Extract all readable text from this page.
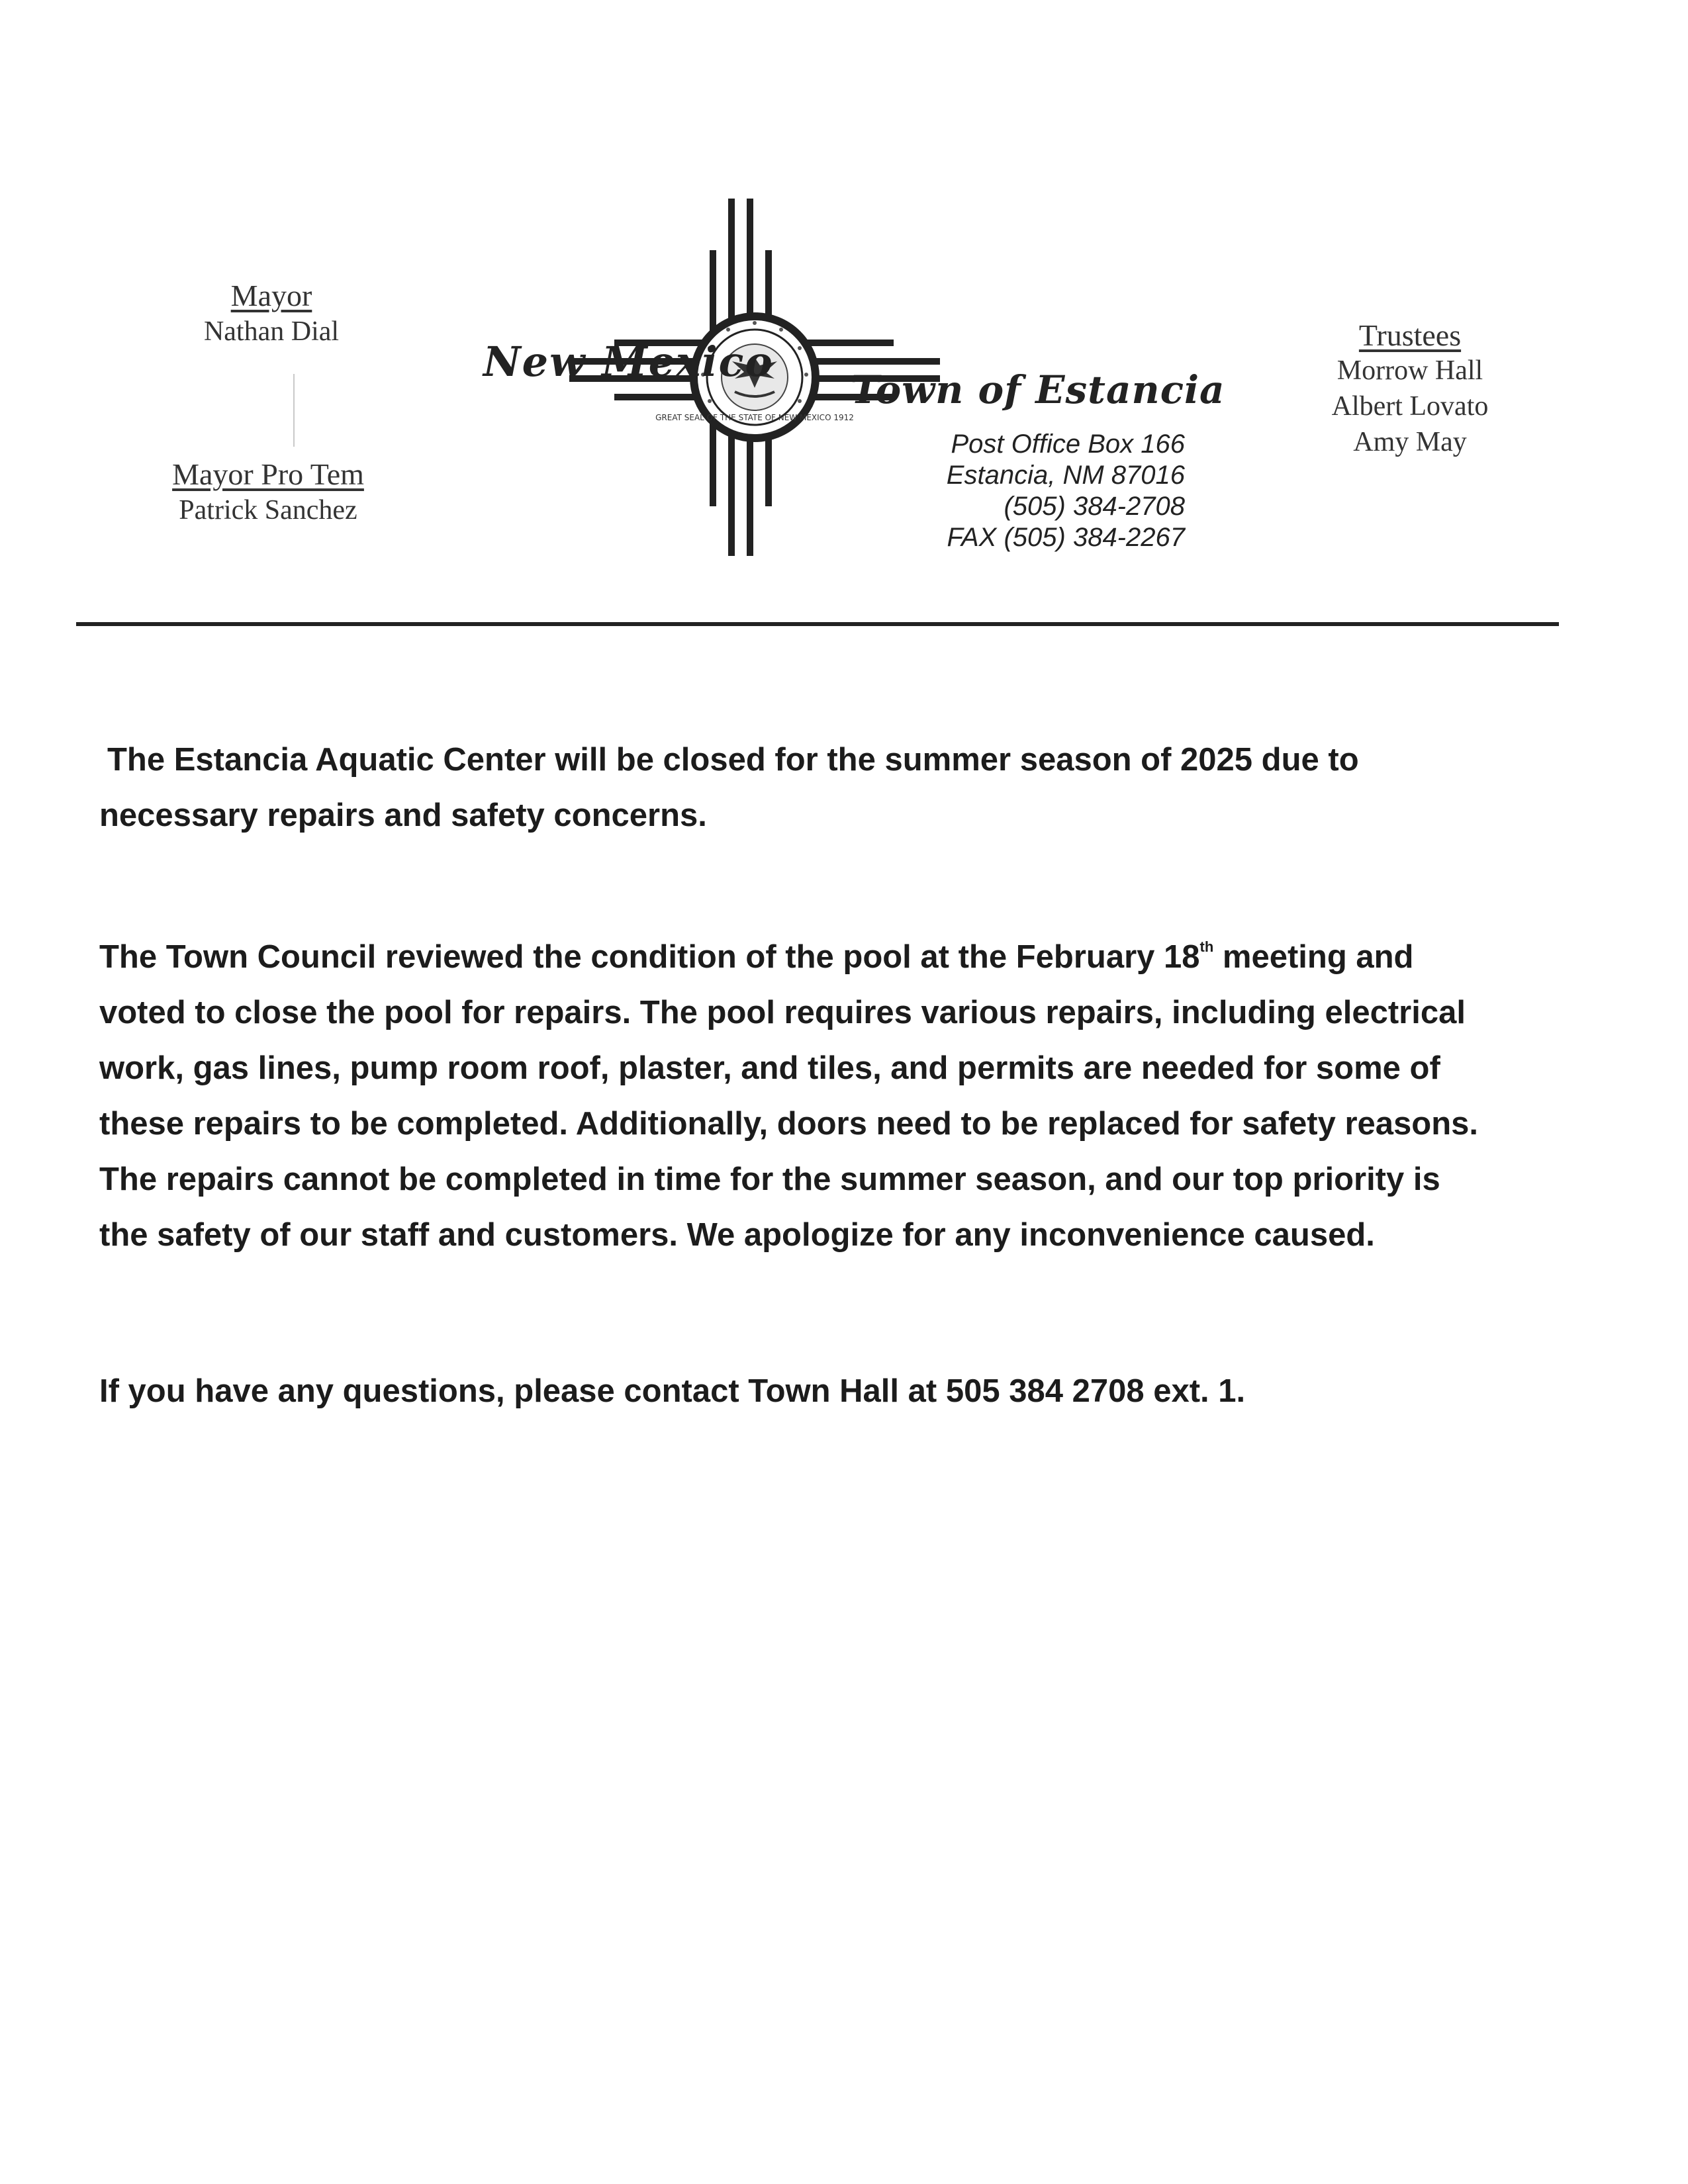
Mayor
Nathan Dial
Mayor Pro Tem
Patrick Sanchez
Trustees
Morrow Hall
Albert Lovato
Amy May
GREAT SEAL OF THE STATE OF NEW MEXICO 1912
New Mexico
Town of Estancia
Post Office Box 166
Estancia, NM 87016
(505) 384-2708
FAX (505) 384-2267
The Estancia Aquatic Center will be closed for the summer season of 2025 due to
necessary repairs and safety concerns.
The Town Council reviewed the condition of the pool at the February 18th meeting and
voted to close the pool for repairs. The pool requires various repairs, including electrical
work, gas lines, pump room roof, plaster, and tiles, and permits are needed for some of
these repairs to be completed. Additionally, doors need to be replaced for safety reasons.
The repairs cannot be completed in time for the summer season, and our top priority is
the safety of our staff and customers. We apologize for any inconvenience caused.
If you have any questions, please contact Town Hall at 505 384 2708 ext. 1.
